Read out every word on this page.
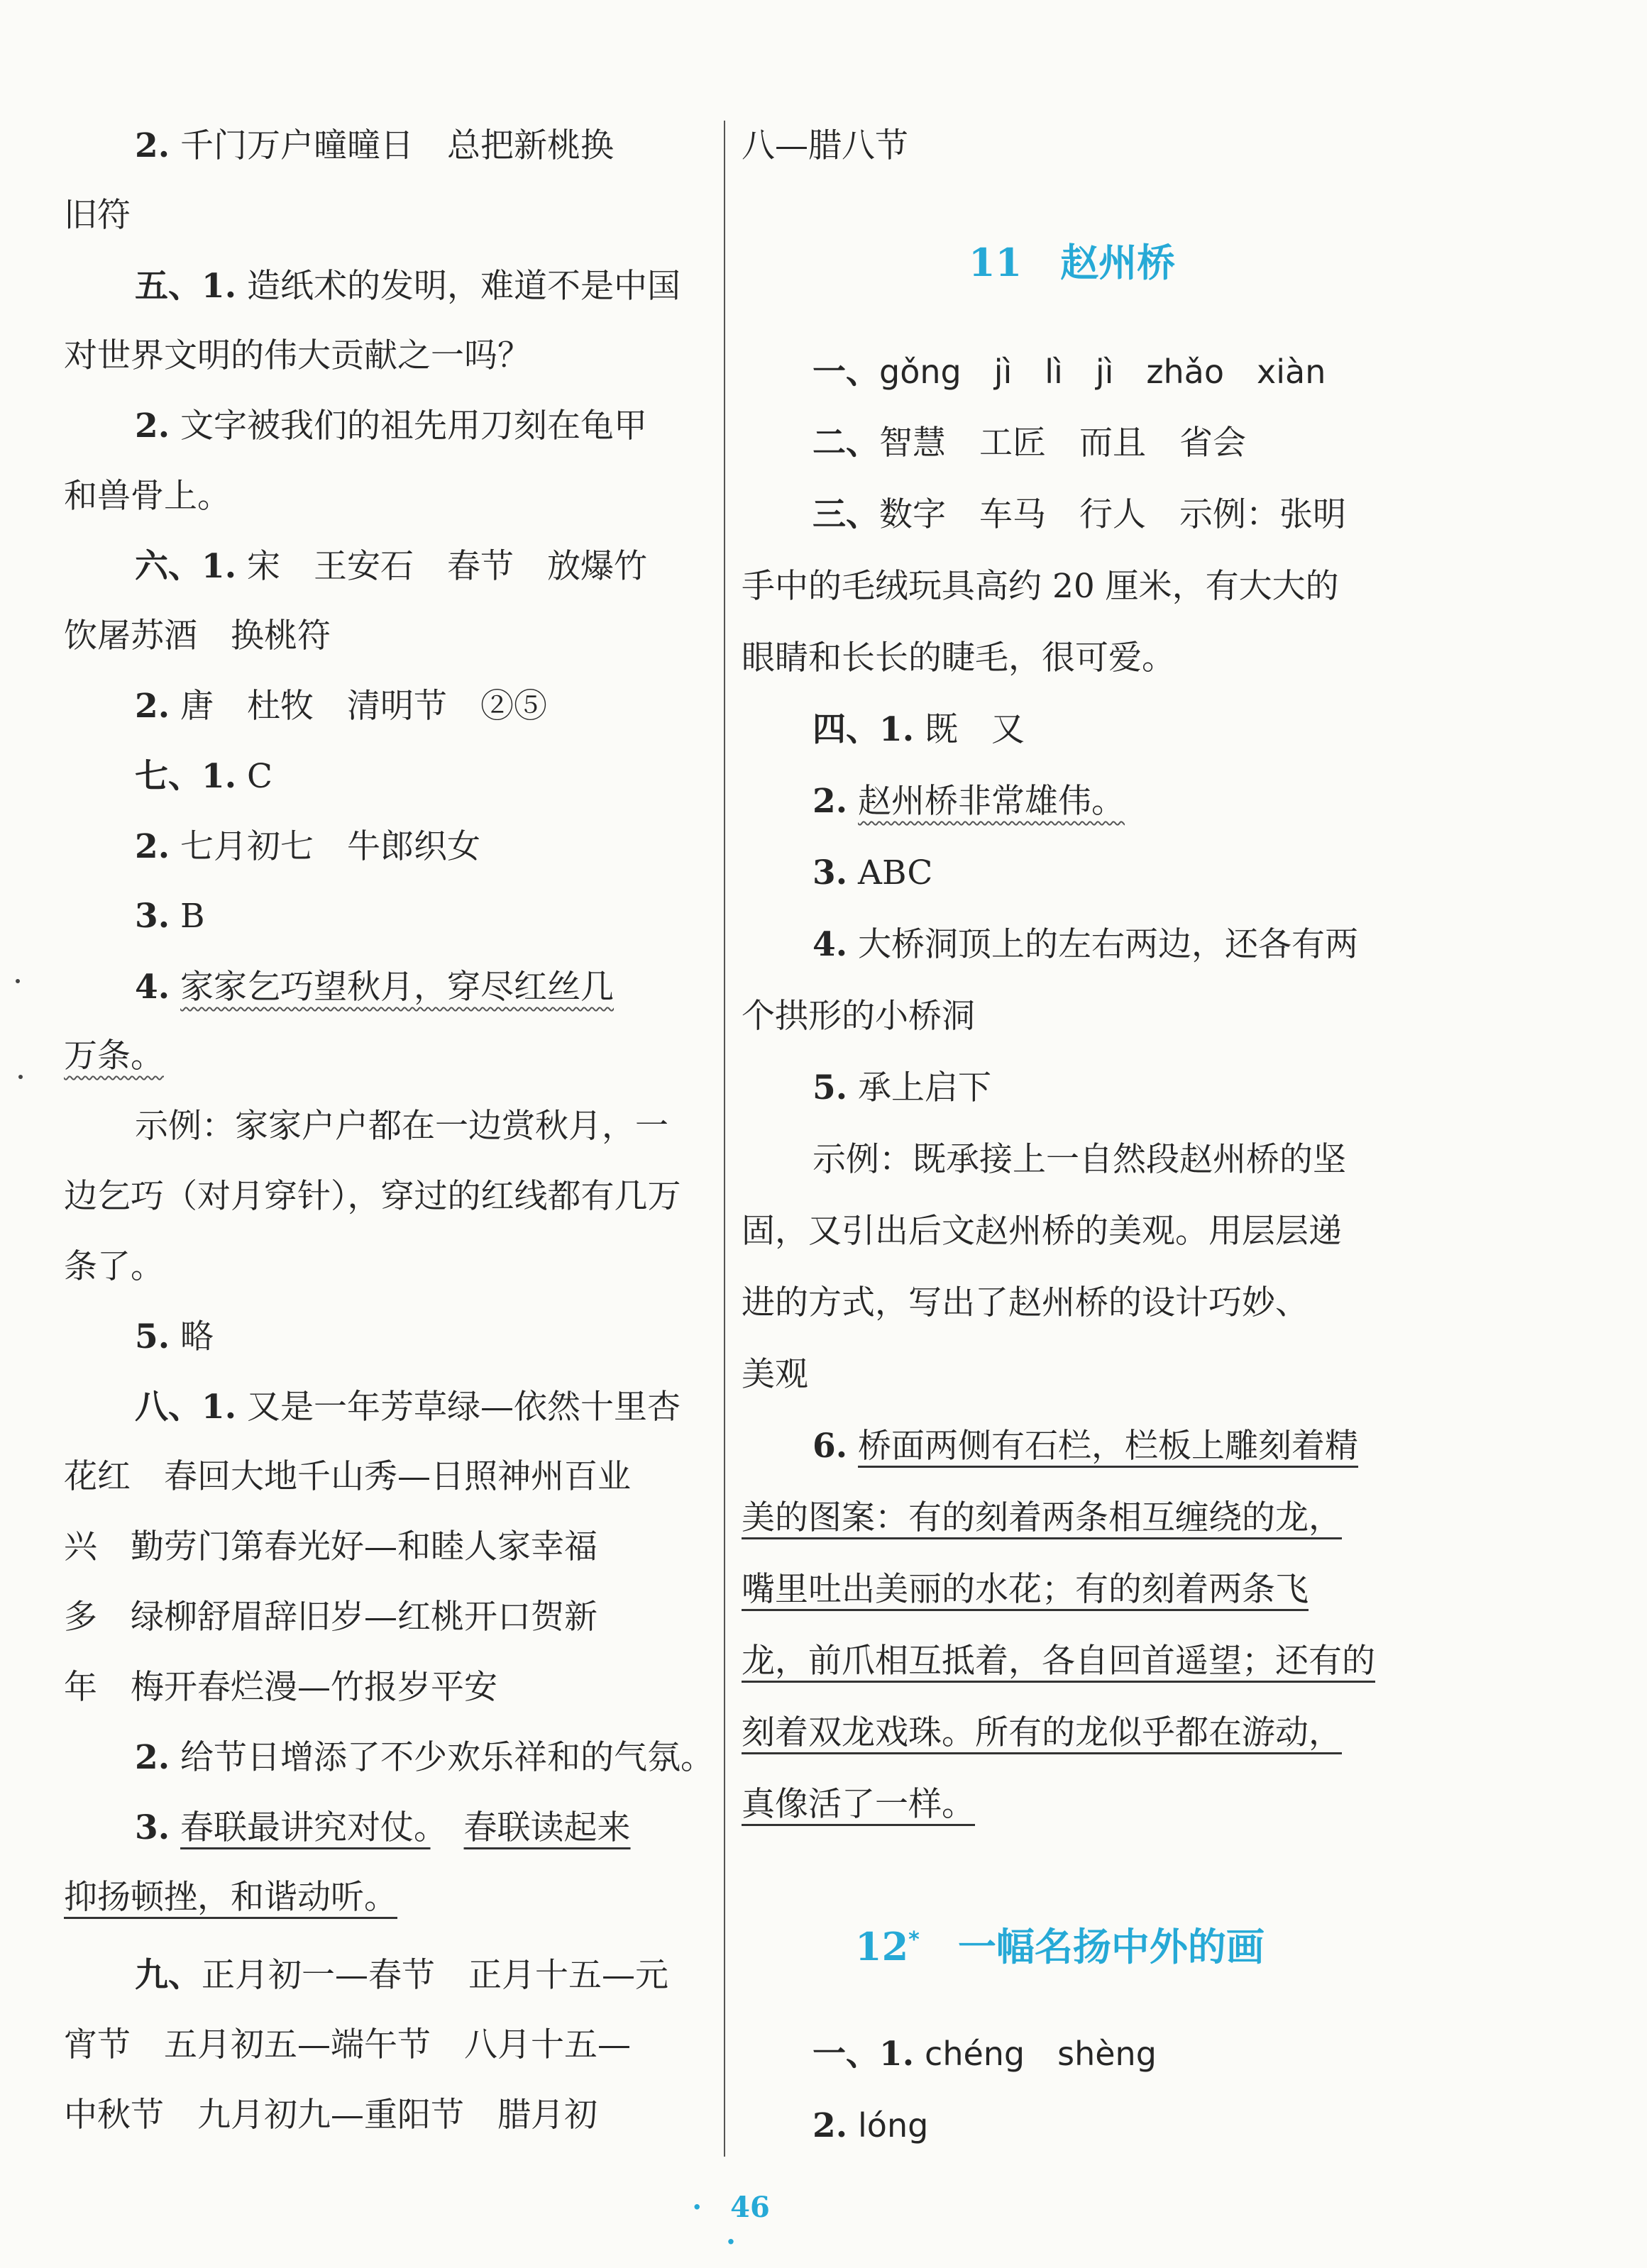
2. 千门万户曈曈日　总把新桃换
旧符
五、1. 造纸术的发明，难道不是中国
对世界文明的伟大贡献之一吗？
2. 文字被我们的祖先用刀刻在龟甲
和兽骨上。
六、1. 宋　王安石　春节　放爆竹
饮屠苏酒　换桃符
2. 唐　杜牧　清明节　②⑤
七、1. C
2. 七月初七　牛郎织女
3. B
4. 家家乞巧望秋月，穿尽红丝几
万条。
示例：家家户户都在一边赏秋月，一
边乞巧（对月穿针），穿过的红线都有几万
条了。
5. 略
八、1. 又是一年芳草绿—依然十里杏
花红　春回大地千山秀—日照神州百业
兴　勤劳门第春光好—和睦人家幸福
多　绿柳舒眉辞旧岁—红桃开口贺新
年　梅开春烂漫—竹报岁平安
2. 给节日增添了不少欢乐祥和的气氛。
3. 春联最讲究对仗。　 春联读起来
抑扬顿挫，和谐动听。
九、正月初一—春节　正月十五—元
宵节　五月初五—端午节　八月十五—
中秋节　九月初九—重阳节　腊月初
八—腊八节
11　 赵州桥
一、gǒng　jì　lì　jì　zhǎo　xiàn
二、智慧　工匠　而且　省会
三、数字　车马　行人　示例：张明
手中的毛绒玩具高约 20 厘米，有大大的
眼睛和长长的睫毛，很可爱。
四、1. 既　又
2. 赵州桥非常雄伟。
3. ABC
4. 大桥洞顶上的左右两边，还各有两
个拱形的小桥洞
5. 承上启下
示例：既承接上一自然段赵州桥的坚
固，又引出后文赵州桥的美观。用层层递
进的方式，写出了赵州桥的设计巧妙、
美观
6. 桥面两侧有石栏，栏板上雕刻着精
美的图案：有的刻着两条相互缠绕的龙，
嘴里吐出美丽的水花；有的刻着两条飞
龙，前爪相互抵着，各自回首遥望；还有的
刻着双龙戏珠。所有的龙似乎都在游动，
真像活了一样。
12*　 一幅名扬中外的画
一、1. chéng　shèng
2. lóng
·　46　·
